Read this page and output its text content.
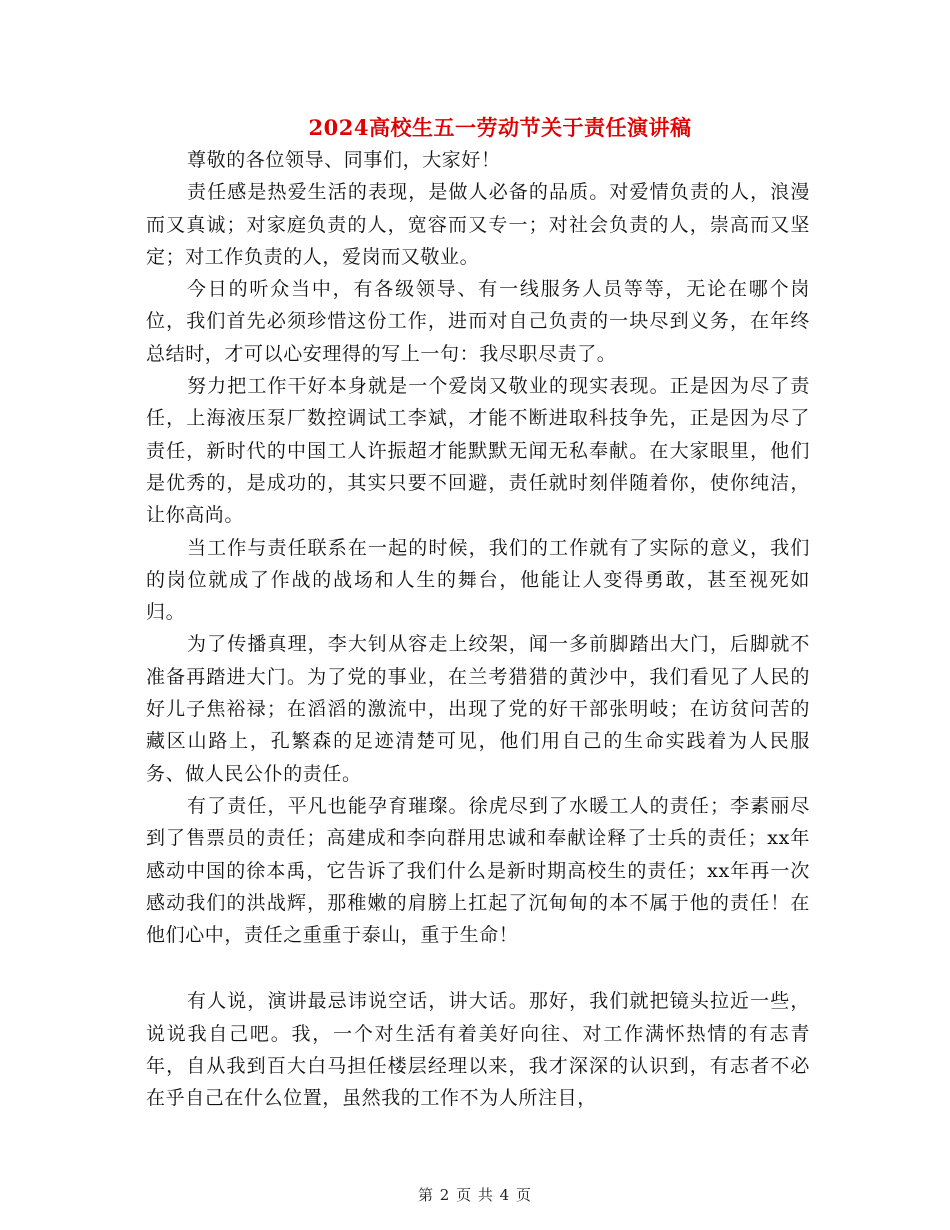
2024高校生五一劳动节关于责任演讲稿

尊敬的各位领导、同事们，大家好！

责任感是热爱生活的表现，是做人必备的品质。对爱情负责的人，浪漫而又真诚；对家庭负责的人，宽容而又专一；对社会负责的人，崇高而又坚定；对工作负责的人，爱岗而又敬业。

今日的听众当中，有各级领导、有一线服务人员等等，无论在哪个岗位，我们首先必须珍惜这份工作，进而对自己负责的一块尽到义务，在年终总结时，才可以心安理得的写上一句：我尽职尽责了。

努力把工作干好本身就是一个爱岗又敬业的现实表现。正是因为尽了责任，上海液压泵厂数控调试工李斌，才能不断进取科技争先，正是因为尽了责任，新时代的中国工人许振超才能默默无闻无私奉献。在大家眼里，他们是优秀的，是成功的，其实只要不回避，责任就时刻伴随着你，使你纯洁，让你高尚。

当工作与责任联系在一起的时候，我们的工作就有了实际的意义，我们的岗位就成了作战的战场和人生的舞台，他能让人变得勇敢，甚至视死如归。

为了传播真理，李大钊从容走上绞架，闻一多前脚踏出大门，后脚就不准备再踏进大门。为了党的事业，在兰考猎猎的黄沙中，我们看见了人民的好儿子焦裕禄；在滔滔的激流中，出现了党的好干部张明岐；在访贫问苦的藏区山路上，孔繁森的足迹清楚可见，他们用自己的生命实践着为人民服务、做人民公仆的责任。

有了责任，平凡也能孕育璀璨。徐虎尽到了水暖工人的责任；李素丽尽到了售票员的责任；高建成和李向群用忠诚和奉献诠释了士兵的责任；xx年感动中国的徐本禹，它告诉了我们什么是新时期高校生的责任；xx年再一次感动我们的洪战辉，那稚嫩的肩膀上扛起了沉甸甸的本不属于他的责任！在他们心中，责任之重重于泰山，重于生命！

有人说，演讲最忌讳说空话，讲大话。那好，我们就把镜头拉近一些，说说我自己吧。我，一个对生活有着美好向往、对工作满怀热情的有志青年，自从我到百大白马担任楼层经理以来，我才深深的认识到，有志者不必在乎自己在什么位置，虽然我的工作不为人所注目，

第 2 页 共 4 页
